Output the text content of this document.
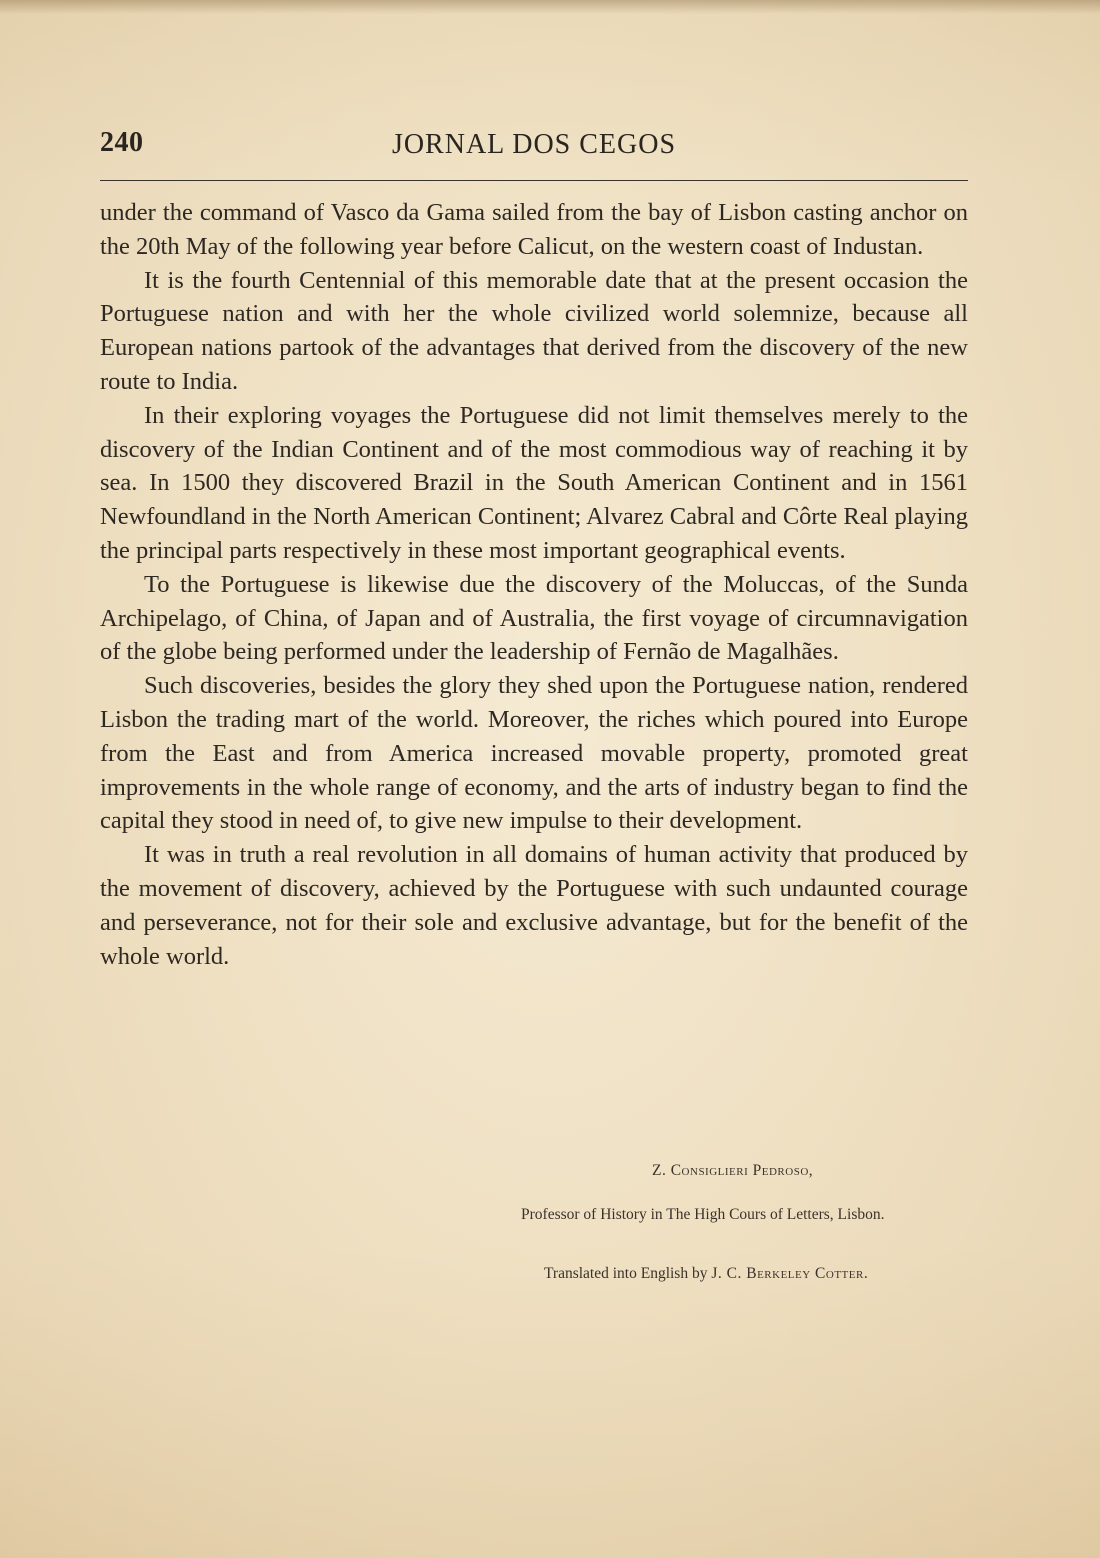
240	JORNAL DOS CEGOS

under the command of Vasco da Gama sailed from the bay of Lisbon casting anchor on the 20th May of the following year before Calicut, on the western coast of Industan.

It is the fourth Centennial of this memorable date that at the present occasion the Portuguese nation and with her the whole civilized world solemnize, because all European nations partook of the advantages that derived from the discovery of the new route to India.

In their exploring voyages the Portuguese did not limit themselves merely to the discovery of the Indian Continent and of the most commodious way of reaching it by sea. In 1500 they discovered Brazil in the South American Continent and in 1561 Newfoundland in the North American Continent; Alvarez Cabral and Côrte Real playing the principal parts respectively in these most important geographical events.

To the Portuguese is likewise due the discovery of the Moluccas, of the Sunda Archipelago, of China, of Japan and of Australia, the first voyage of circumnavigation of the globe being performed under the leadership of Fernão de Magalhães.

Such discoveries, besides the glory they shed upon the Portuguese nation, rendered Lisbon the trading mart of the world. Moreover, the riches which poured into Europe from the East and from America increased movable property, promoted great improvements in the whole range of economy, and the arts of industry began to find the capital they stood in need of, to give new impulse to their development.

It was in truth a real revolution in all domains of human activity that produced by the movement of discovery, achieved by the Portuguese with such undaunted courage and perseverance, not for their sole and exclusive advantage, but for the benefit of the whole world.

Z. Consiglieri Pedroso,
Professor of History in The High Cours of Letters, Lisbon.
Translated into English by J. C. Berkeley Cotter.
